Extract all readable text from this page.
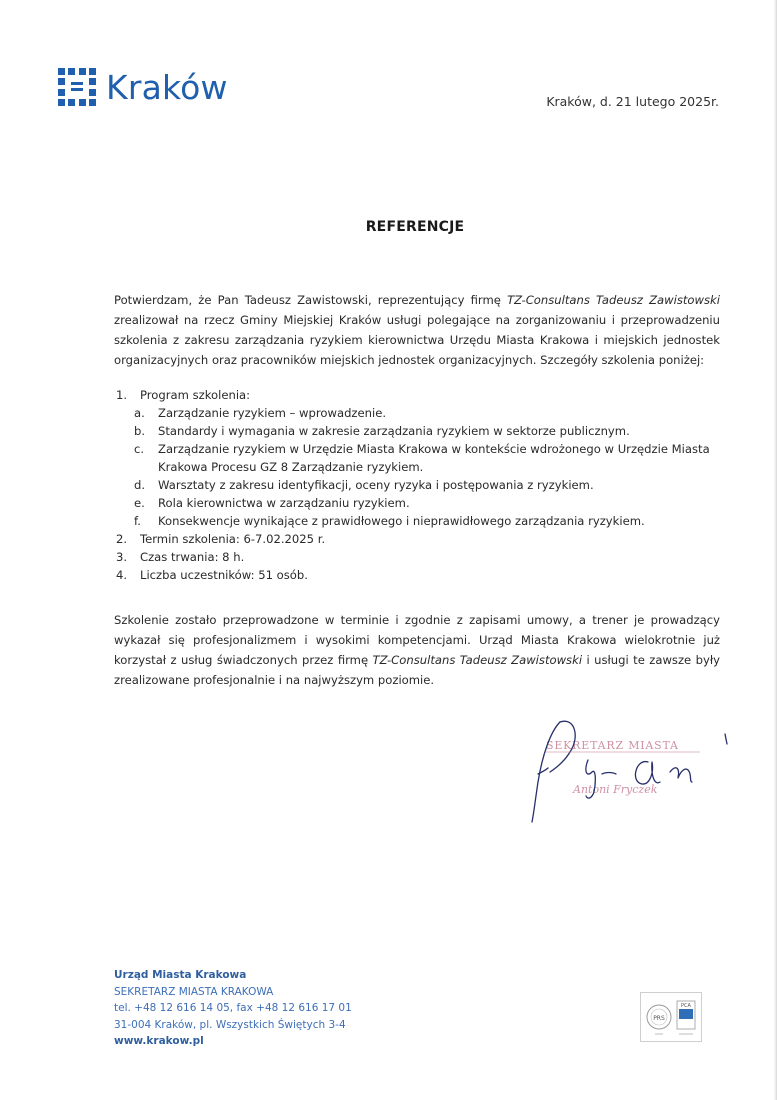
Kraków	Kraków, d. 21 lutego 2025r.
REFERENCJE
Potwierdzam, że Pan Tadeusz Zawistowski, reprezentujący firmę TZ-Consultans Tadeusz Zawistowski zrealizował na rzecz Gminy Miejskiej Kraków usługi polegające na zorganizowaniu i przeprowadzeniu szkolenia z zakresu zarządzania ryzykiem kierownictwa Urzędu Miasta Krakowa i miejskich jednostek organizacyjnych oraz pracowników miejskich jednostek organizacyjnych. Szczegóły szkolenia poniżej:
1.	Program szkolenia:
a.	Zarządzanie ryzykiem – wprowadzenie.
b.	Standardy i wymagania w zakresie zarządzania ryzykiem w sektorze publicznym.
c.	Zarządzanie ryzykiem w Urzędzie Miasta Krakowa w kontekście wdrożonego w Urzędzie Miasta Krakowa Procesu GZ 8 Zarządzanie ryzykiem.
d.	Warsztaty z zakresu identyfikacji, oceny ryzyka i postępowania z ryzykiem.
e.	Rola kierownictwa w zarządzaniu ryzykiem.
f.	Konsekwencje wynikające z prawidłowego i nieprawidłowego zarządzania ryzykiem.
2.	Termin szkolenia: 6-7.02.2025 r.
3.	Czas trwania: 8 h.
4.	Liczba uczestników: 51 osób.
Szkolenie zostało przeprowadzone w terminie i zgodnie z zapisami umowy, a trener je prowadzący wykazał się profesjonalizmem i wysokimi kompetencjami. Urząd Miasta Krakowa wielokrotnie już korzystał z usług świadczonych przez firmę TZ-Consultans Tadeusz Zawistowski i usługi te zawsze były zrealizowane profesjonalnie i na najwyższym poziomie.
SEKRETARZ MIASTA
Antoni Fryczek
Urząd Miasta Krakowa
SEKRETARZ MIASTA KRAKOWA
tel. +48 12 616 14 05, fax +48 12 616 17 01
31-004 Kraków, pl. Wszystkich Świętych 3-4
www.krakow.pl
PRS
PCA
